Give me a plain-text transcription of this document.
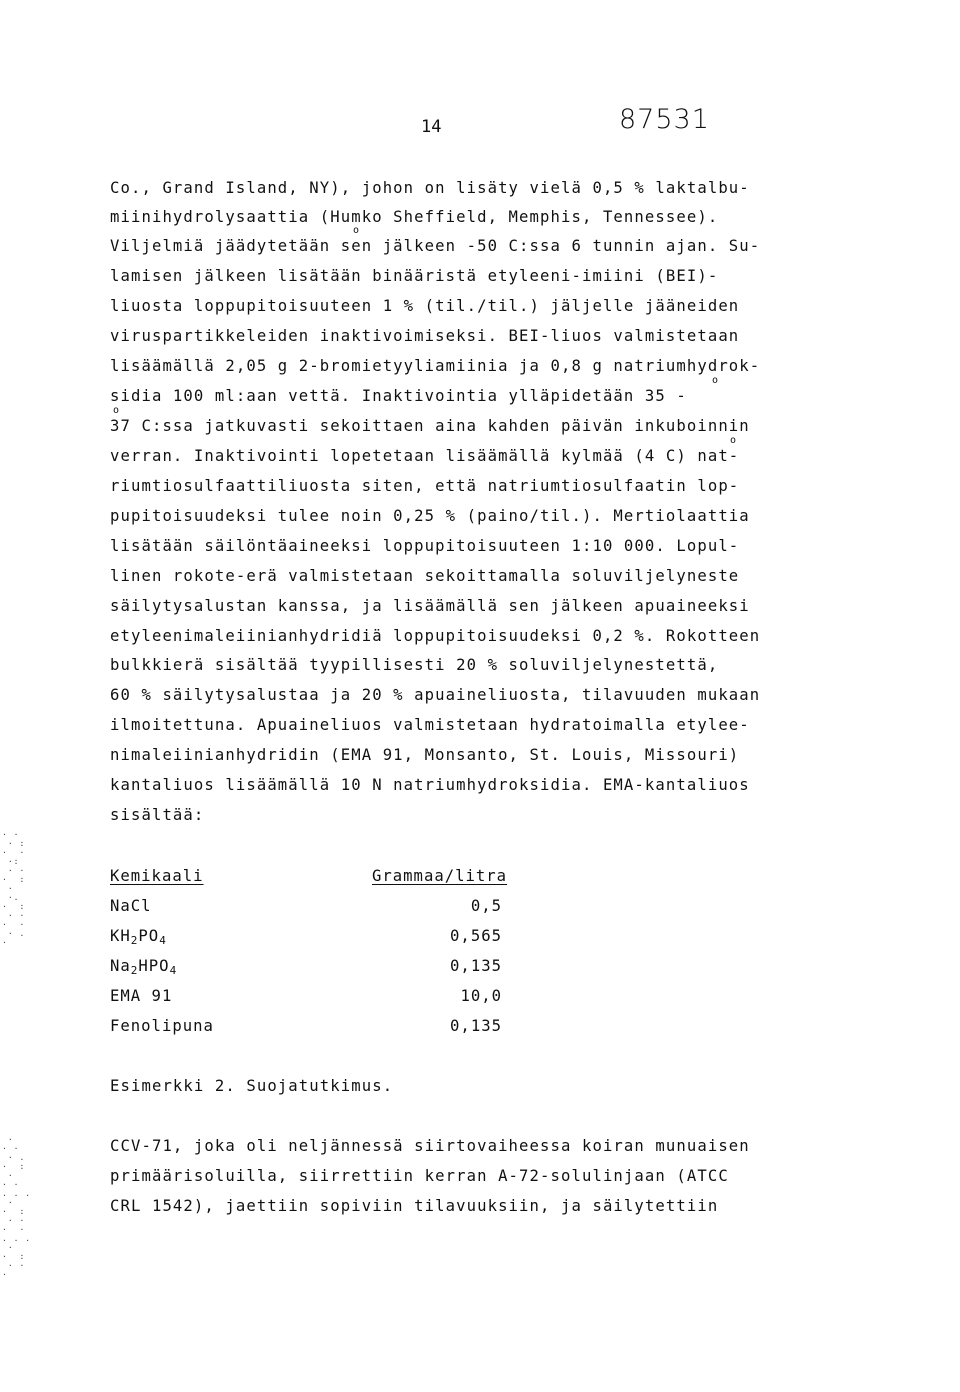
14	87531
Co., Grand Island, NY), johon on lisäty vielä 0,5 % laktalbu-
miinihydrolysaattia (Humko Sheffield, Memphis, Tennessee).
Viljelmiä jäädytetään sen jälkeen -50 C:ssa 6 tunnin ajan. Su-
lamisen jälkeen lisätään binääristä etyleeni-imiini (BEI)-
liuosta loppupitoisuuteen 1 % (til./til.) jäljelle jääneiden
viruspartikkeleiden inaktivoimiseksi. BEI-liuos valmistetaan
lisäämällä 2,05 g 2-bromietyyliamiinia ja 0,8 g natriumhydrok-
sidia 100 ml:aan vettä. Inaktivointia ylläpidetään 35 -
37 C:ssa jatkuvasti sekoittaen aina kahden päivän inkuboinnin
verran. Inaktivointi lopetetaan lisäämällä kylmää (4 C) nat-
riumtiosulfaattiliuosta siten, että natriumtiosulfaatin lop-
pupitoisuudeksi tulee noin 0,25 % (paino/til.). Mertiolaattia
lisätään säilöntäaineeksi loppupitoisuuteen 1:10 000. Lopul-
linen rokote-erä valmistetaan sekoittamalla soluviljelyneste
säilytysalustan kanssa, ja lisäämällä sen jälkeen apuaineeksi
etyleenimaleiinianhydridiä loppupitoisuudeksi 0,2 %. Rokotteen
bulkkierä sisältää tyypillisesti 20 % soluviljelynestettä,
60 % säilytysalustaa ja 20 % apuaineliuosta, tilavuuden mukaan
ilmoitettuna. Apuaineliuos valmistetaan hydratoimalla etylee-
nimaleiinianhydridin (EMA 91, Monsanto, St. Louis, Missouri)
kantaliuos lisäämällä 10 N natriumhydroksidia. EMA-kantaliuos
sisältää:
o
o
o
o
Kemikaali	Grammaa/litra
NaCl	0,5
$KH_2PO_4$	0,565
$Na_2HPO_4$	0,135
EMA 91	10,0
Fenolipuna	0,135
Esimerkki 2. Suojatutkimus.
CCV-71, joka oli neljännessä siirtovaiheessa koiran munuaisen
primäärisoluilla, siirrettiin kerran A-72-solulinjaan (ATCC
CRL 1542), jaettiin sopiviin tilavuuksiin, ja säilytettiin
· ·
· :
·  ·
·:
· ·
·  :
·
·.
·  :
· ·
·  ·
· .
·

·
· ·
· .
·  :
·
· ·
. . .
·
·  :
· ·
·  ·
. . .
·
·  :
· ·
·
